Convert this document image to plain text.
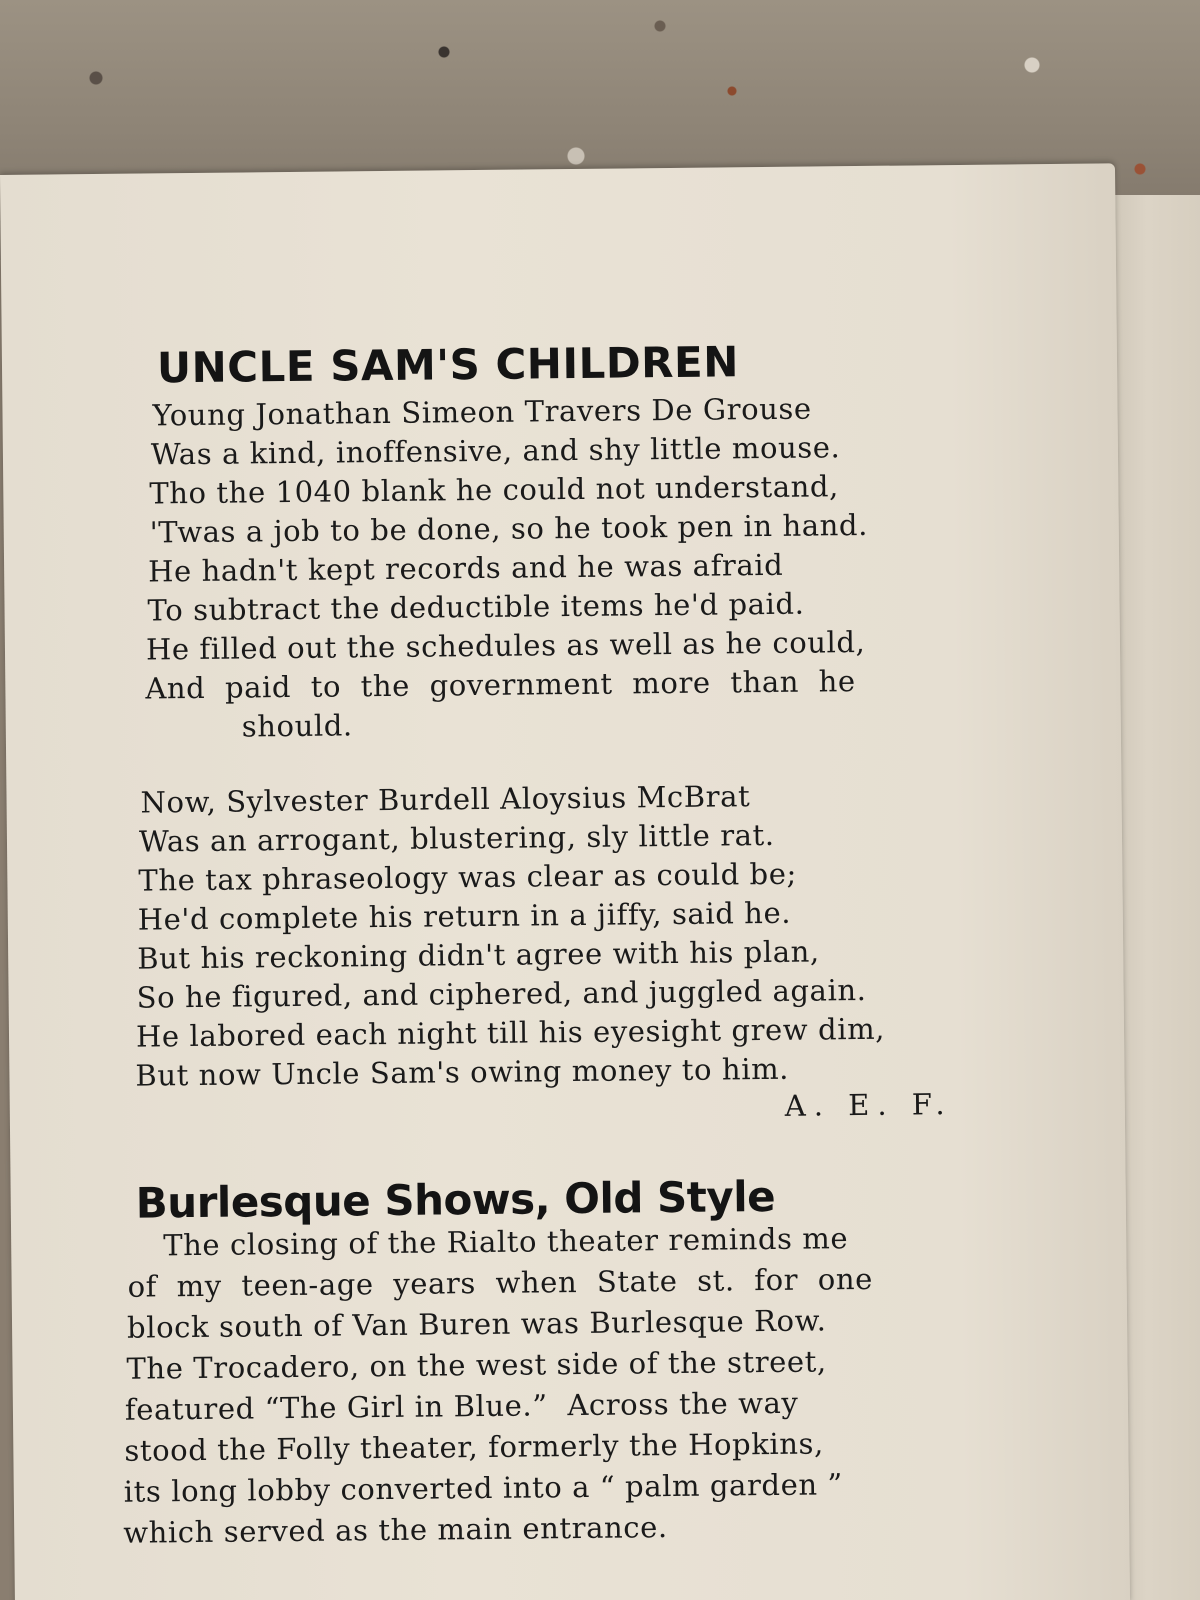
UNCLE SAM'S CHILDREN
Young Jonathan Simeon Travers De Grouse
Was a kind, inoffensive, and shy little mouse.
Tho the 1040 blank he could not understand,
'Twas a job to be done, so he took pen in hand.
He hadn't kept records and he was afraid
To subtract the deductible items he'd paid.
He filled out the schedules as well as he could,
And  paid  to  the  government  more  than  he
should.
Now, Sylvester Burdell Aloysius McBrat
Was an arrogant, blustering, sly little rat.
The tax phraseology was clear as could be;
He'd complete his return in a jiffy, said he.
But his reckoning didn't agree with his plan,
So he figured, and ciphered, and juggled again.
He labored each night till his eyesight grew dim,
But now Uncle Sam's owing money to him.
A. E. F.
Burlesque Shows, Old Style
The closing of the Rialto theater reminds me
of  my  teen-age  years  when  State  st.  for  one
block south of Van Buren was Burlesque Row.
The Trocadero, on the west side of the street,
featured “The Girl in Blue.”  Across the way
stood the Folly theater, formerly the Hopkins,
its long lobby converted into a “ palm garden ”
which served as the main entrance.
